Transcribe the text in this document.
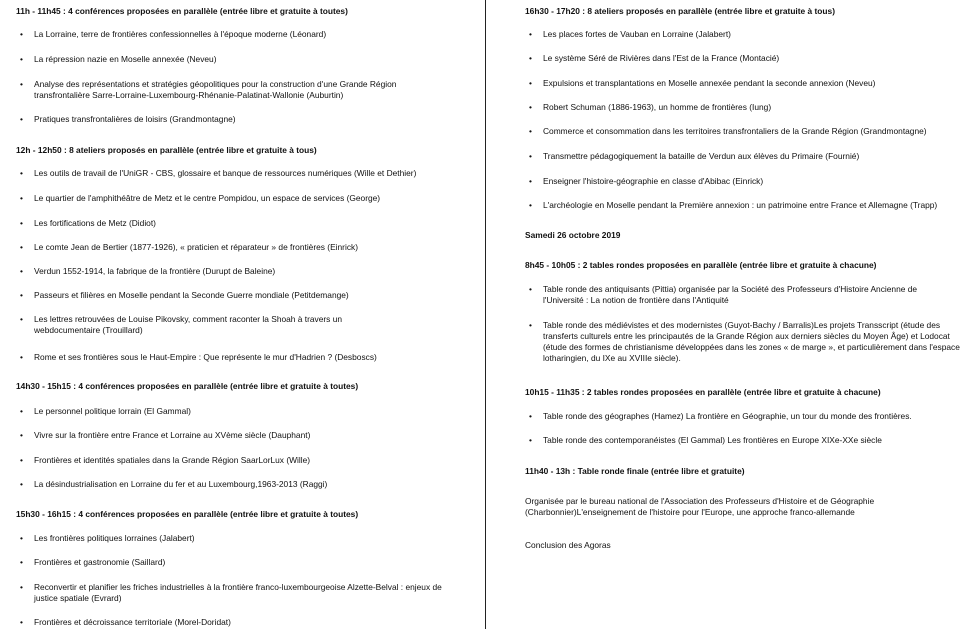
11h - 11h45 : 4 conférences proposées en parallèle (entrée libre et gratuite à toutes)
• La Lorraine, terre de frontières confessionnelles à l'époque moderne (Léonard)
• La répression nazie en Moselle annexée (Neveu)
• Analyse des représentations et stratégies géopolitiques pour la construction d'une Grande Région transfrontalière Sarre-Lorraine-Luxembourg-Rhénanie-Palatinat-Wallonie (Auburtin)
• Pratiques transfrontalières de loisirs (Grandmontagne)
12h - 12h50 : 8 ateliers proposés en parallèle (entrée libre et gratuite à tous)
• Les outils de travail de l'UniGR - CBS, glossaire et banque de ressources numériques (Wille et Dethier)
• Le quartier de l'amphithéâtre de Metz et le centre Pompidou, un espace de services (George)
• Les fortifications de Metz (Didiot)
• Le comte Jean de Bertier (1877-1926), « praticien et réparateur » de frontières (Einrick)
• Verdun 1552-1914, la fabrique de la frontière (Durupt de Baleine)
• Passeurs et filières en Moselle pendant la Seconde Guerre mondiale (Petitdemange)
• Les lettres retrouvées de Louise Pikovsky, comment raconter la Shoah à travers un webdocumentaire (Trouillard)
• Rome et ses frontières sous le Haut-Empire : Que représente le mur d'Hadrien ? (Desboscs)
14h30 - 15h15 : 4 conférences proposées en parallèle (entrée libre et gratuite à toutes)
• Le personnel politique lorrain (El Gammal)
• Vivre sur la frontière entre France et Lorraine au XVème siècle (Dauphant)
• Frontières et identités spatiales dans la Grande Région SaarLorLux (Wille)
• La désindustrialisation en Lorraine du fer et au Luxembourg,1963-2013 (Raggi)
15h30 - 16h15 : 4 conférences proposées en parallèle (entrée libre et gratuite à toutes)
• Les frontières politiques lorraines (Jalabert)
• Frontières et gastronomie (Saillard)
• Reconvertir et planifier les friches industrielles à la frontière franco-luxembourgeoise Alzette-Belval : enjeux de justice spatiale (Evrard)
• Frontières et décroissance territoriale (Morel-Doridat)
16h30 - 17h20 : 8 ateliers proposés en parallèle (entrée libre et gratuite à tous)
• Les places fortes de Vauban en Lorraine (Jalabert)
• Le système Séré de Rivières dans l'Est de la France (Montacié)
• Expulsions et transplantations en Moselle annexée pendant la seconde annexion (Neveu)
• Robert Schuman (1886-1963), un homme de frontières (Iung)
• Commerce et consommation dans les territoires transfrontaliers de la Grande Région (Grandmontagne)
• Transmettre pédagogiquement la bataille de Verdun aux élèves du Primaire (Fournié)
• Enseigner l'histoire-géographie en classe d'Abibac (Einrick)
• L'archéologie en Moselle pendant la Première annexion : un patrimoine entre France et Allemagne (Trapp)
Samedi 26 octobre 2019
8h45 - 10h05 : 2 tables rondes proposées en parallèle (entrée libre et gratuite à chacune)
• Table ronde des antiquisants (Pittia) organisée par la Société des Professeurs d'Histoire Ancienne de l'Université : La notion de frontière dans l'Antiquité
• Table ronde des médiévistes et des modernistes (Guyot-Bachy / Barralis)Les projets Transscript (étude des transferts culturels entre les principautés de la Grande Région aux derniers siècles du Moyen Âge) et Lodocat (étude des formes de christianisme développées dans les zones « de marge », et particulièrement dans l'espace lotharingien, du IXe au XVIIIe siècle).
10h15 - 11h35 : 2 tables rondes proposées en parallèle (entrée libre et gratuite à chacune)
• Table ronde des géographes (Hamez) La frontière en Géographie, un tour du monde des frontières.
• Table ronde des contemporanéistes (El Gammal) Les frontières en Europe XIXe-XXe siècle
11h40 - 13h : Table ronde finale (entrée libre et gratuite)
Organisée par le bureau national de l'Association des Professeurs d'Histoire et de Géographie (Charbonnier)L'enseignement de l'histoire pour l'Europe, une approche franco-allemande
Conclusion des Agoras
